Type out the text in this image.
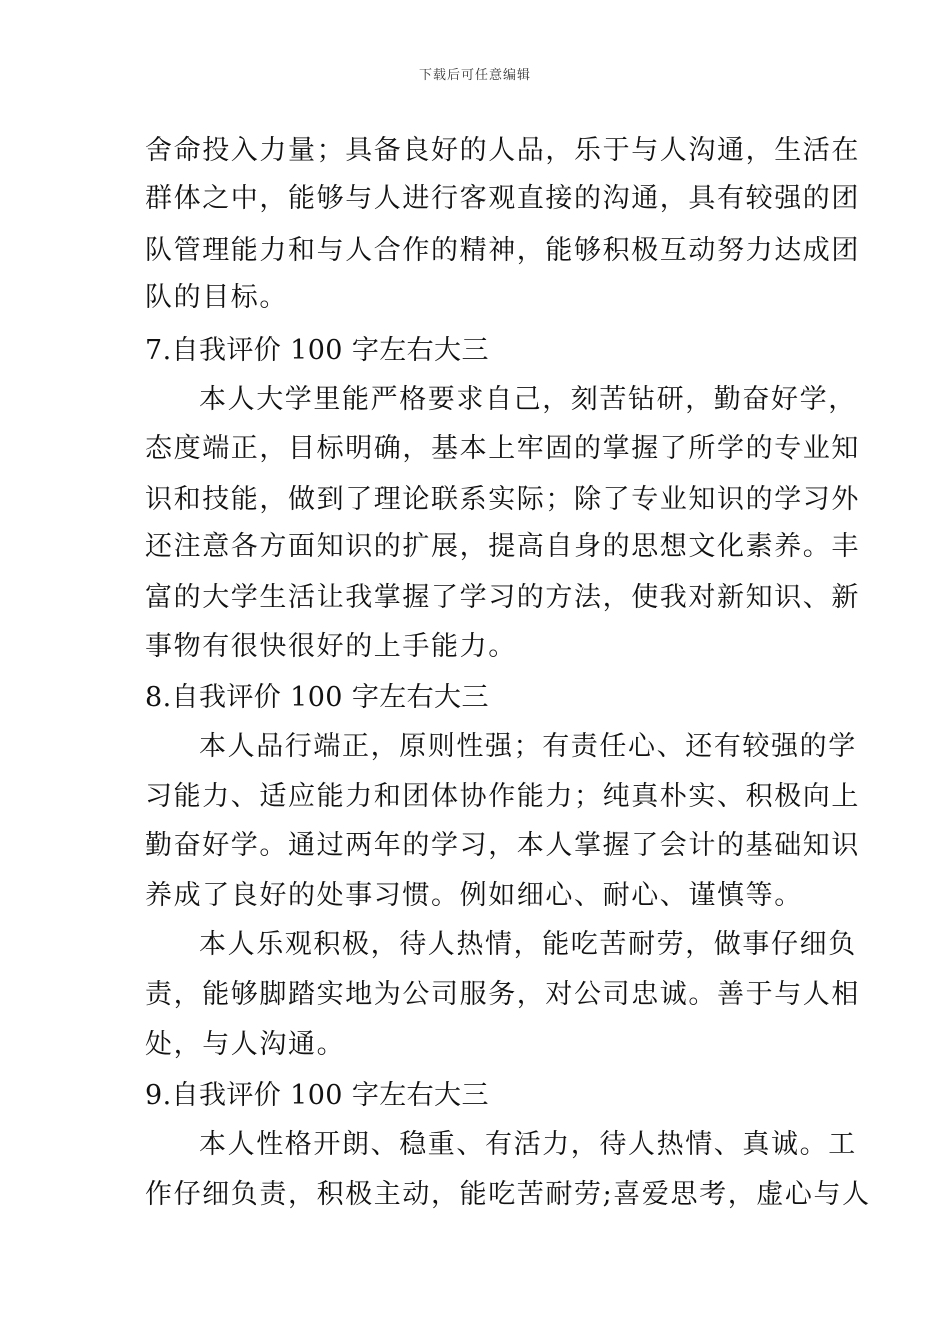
下载后可任意编辑
舍命投入力量；具备良好的人品，乐于与人沟通，生活在
群体之中，能够与人进行客观直接的沟通，具有较强的团
队管理能力和与人合作的精神，能够积极互动努力达成团
队的目标。
7.自我评价 100 字左右大三
本人大学里能严格要求自己，刻苦钻研，勤奋好学，
态度端正，目标明确，基本上牢固的掌握了所学的专业知
识和技能，做到了理论联系实际；除了专业知识的学习外
还注意各方面知识的扩展，提高自身的思想文化素养。丰
富的大学生活让我掌握了学习的方法，使我对新知识、新
事物有很快很好的上手能力。
8.自我评价 100 字左右大三
本人品行端正，原则性强；有责任心、还有较强的学
习能力、适应能力和团体协作能力；纯真朴实、积极向上
勤奋好学。通过两年的学习，本人掌握了会计的基础知识
养成了良好的处事习惯。例如细心、耐心、谨慎等。
本人乐观积极，待人热情，能吃苦耐劳，做事仔细负
责，能够脚踏实地为公司服务，对公司忠诚。善于与人相
处，与人沟通。
9.自我评价 100 字左右大三
本人性格开朗、稳重、有活力，待人热情、真诚。工
作仔细负责，积极主动，能吃苦耐劳;喜爱思考，虚心与人
